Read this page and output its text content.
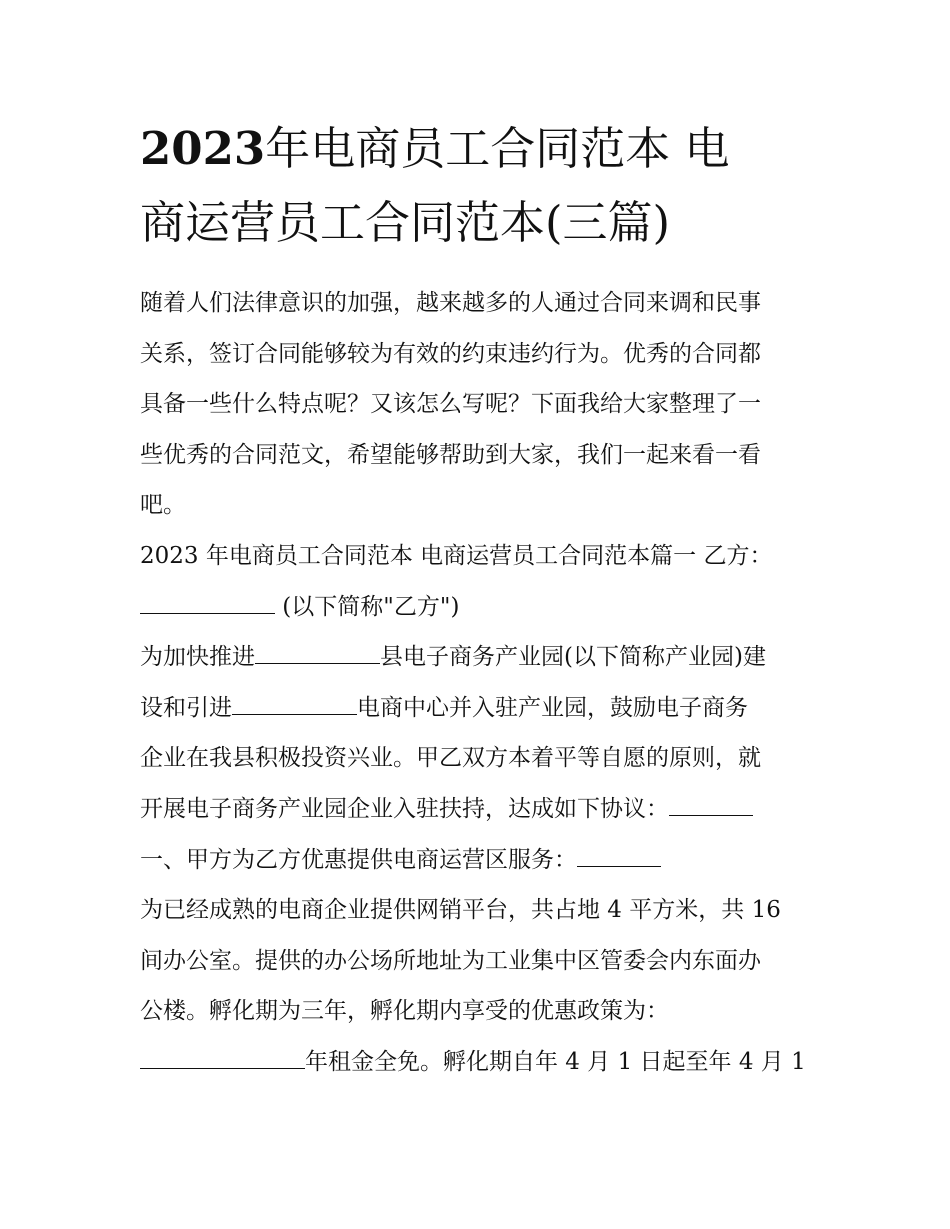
2023年电商员工合同范本 电
商运营员工合同范本(三篇)
随着人们法律意识的加强，越来越多的人通过合同来调和民事
关系，签订合同能够较为有效的约束违约行为。优秀的合同都
具备一些什么特点呢？又该怎么写呢？下面我给大家整理了一
些优秀的合同范文，希望能够帮助到大家，我们一起来看一看
吧。
2023 年电商员工合同范本 电商运营员工合同范本篇一 乙方：
(以下简称"乙方")
为加快推进	县电子商务产业园(以下简称产业园)建
设和引进	电商中心并入驻产业园，鼓励电子商务
企业在我县积极投资兴业。甲乙双方本着平等自愿的原则，就
开展电子商务产业园企业入驻扶持，达成如下协议：
一、甲方为乙方优惠提供电商运营区服务：
为已经成熟的电商企业提供网销平台，共占地 4 平方米，共 16
间办公室。提供的办公场所地址为工业集中区管委会内东面办
公楼。孵化期为三年，孵化期内享受的优惠政策为：
年租金全免。孵化期自年 4 月 1 日起至年 4 月 1
